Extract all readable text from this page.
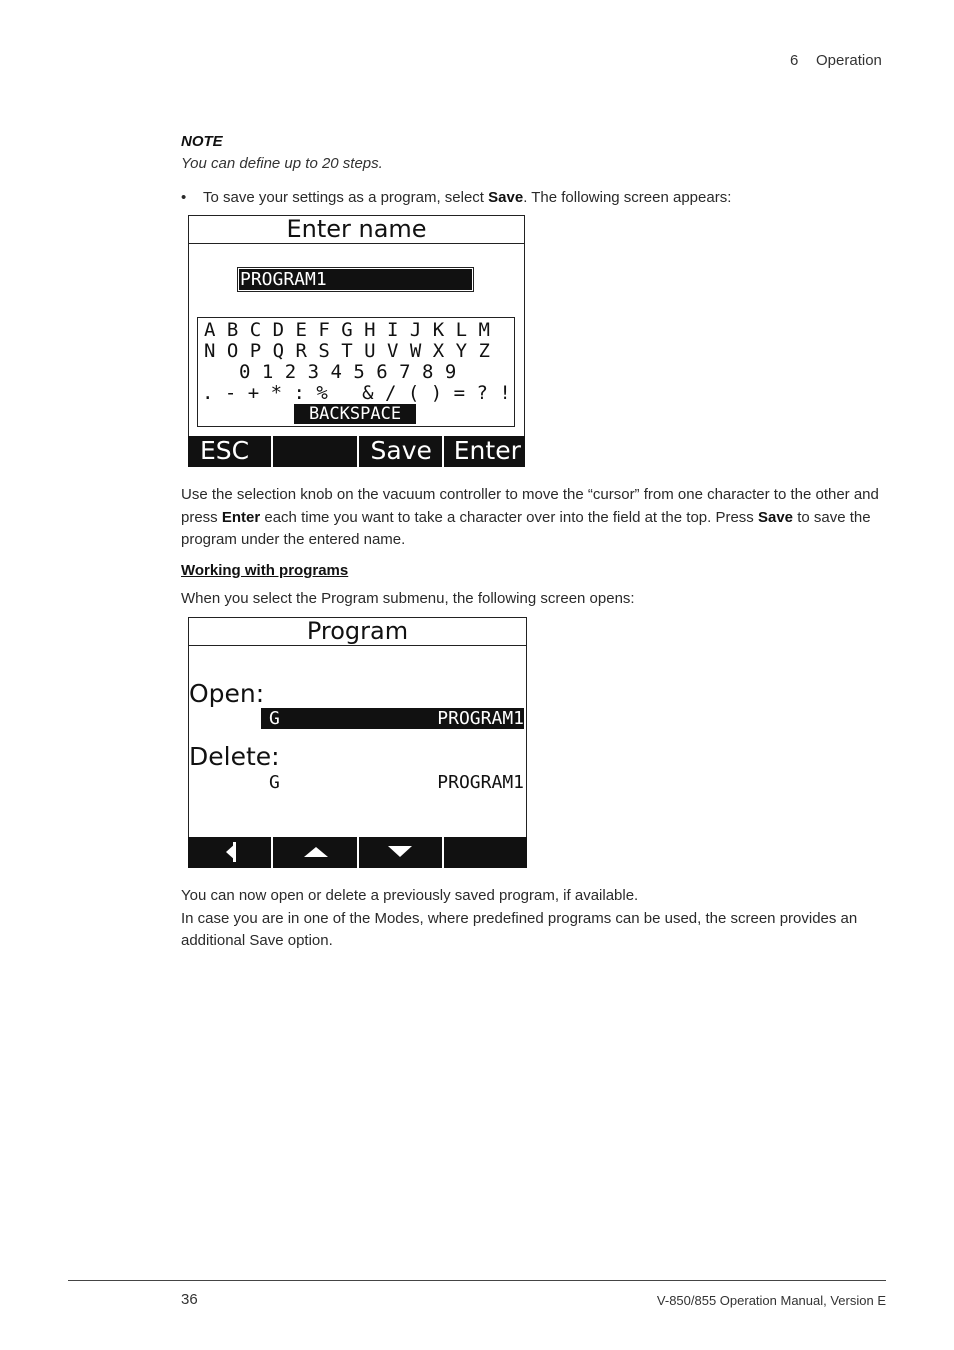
6 Operation
NOTE
You can define up to 20 steps.
• To save your settings as a program, select Save. The following screen appears:
Enter name
PROGRAM1
A B C D E F G H I J K L M
N O P Q R S T U V W X Y Z
0 1 2 3 4 5 6 7 8 9
. - + * : %   & / ( ) = ? !
BACKSPACE
ESC	Save Enter
Use the selection knob on the vacuum controller to move the “cursor” from one character to the other and press Enter each time you want to take a character over into the field at the top. Press Save to save the program under the entered name.
Working with programs
When you select the Program submenu, the following screen opens:
Program
Open:
G	PROGRAM1
Delete:
G	PROGRAM1
You can now open or delete a previously saved program, if available.
In case you are in one of the Modes, where predefined programs can be used, the screen provides an additional Save option.
36	V-850/855 Operation Manual, Version E
